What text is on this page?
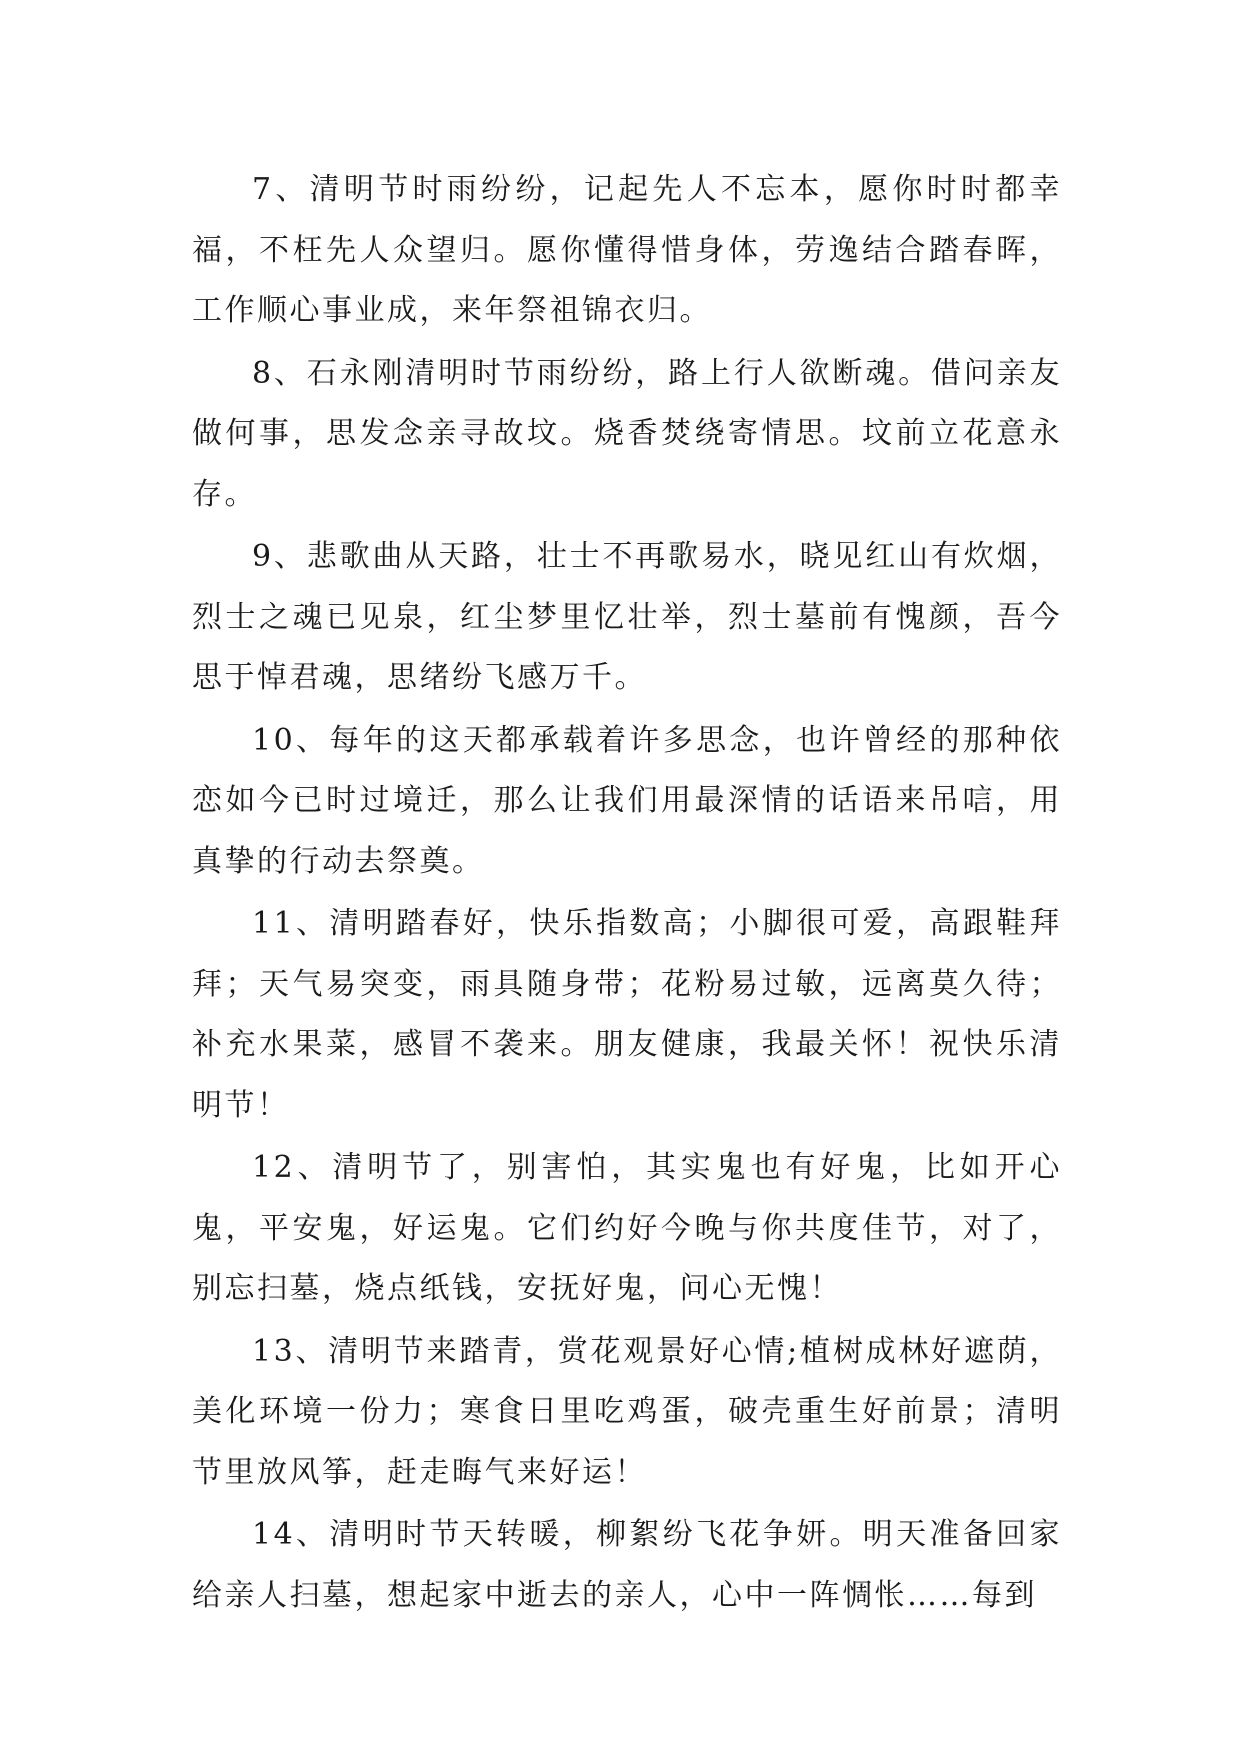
7、清明节时雨纷纷，记起先人不忘本，愿你时时都幸福，不枉先人众望归。愿你懂得惜身体，劳逸结合踏春晖，工作顺心事业成，来年祭祖锦衣归。

8、石永刚清明时节雨纷纷，路上行人欲断魂。借问亲友做何事，思发念亲寻故坟。烧香焚绕寄情思。坟前立花意永存。

9、悲歌曲从天路，壮士不再歌易水，晓见红山有炊烟，烈士之魂已见泉，红尘梦里忆壮举，烈士墓前有愧颜，吾今思于悼君魂，思绪纷飞感万千。

10、每年的这天都承载着许多思念，也许曾经的那种依恋如今已时过境迁，那么让我们用最深情的话语来吊唁，用真挚的行动去祭奠。

11、清明踏春好，快乐指数高；小脚很可爱，高跟鞋拜拜；天气易突变，雨具随身带；花粉易过敏，远离莫久待；补充水果菜，感冒不袭来。朋友健康，我最关怀！祝快乐清明节！

12、清明节了，别害怕，其实鬼也有好鬼，比如开心鬼，平安鬼，好运鬼。它们约好今晚与你共度佳节，对了，别忘扫墓，烧点纸钱，安抚好鬼，问心无愧！

13、清明节来踏青，赏花观景好心情;植树成林好遮荫，美化环境一份力；寒食日里吃鸡蛋，破壳重生好前景；清明节里放风筝，赶走晦气来好运！

14、清明时节天转暖，柳絮纷飞花争妍。明天准备回家给亲人扫墓，想起家中逝去的亲人，心中一阵惆怅……每到
